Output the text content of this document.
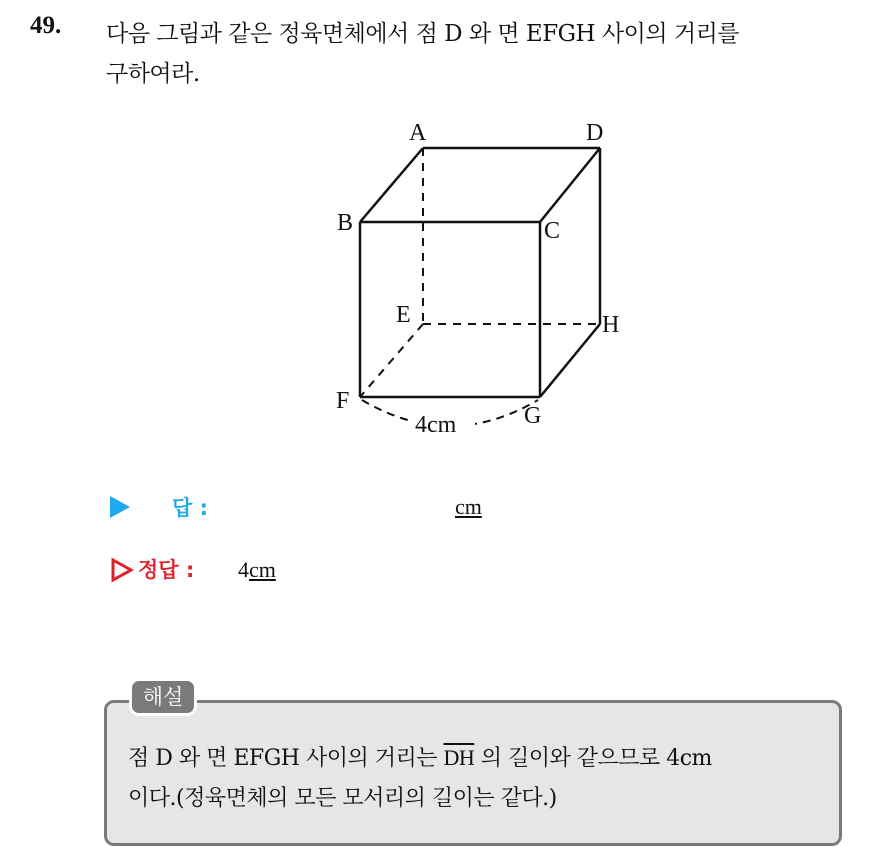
49. 다음 그림과 같은 정육면체에서 점 D 와 면 EFGH 사이의 거리를
구하여라.
4cm
A	D
B	C
E	H
F
G
답 :	cm
정답 : 4cm
해설
점 D 와 면 EFGH 사이의 거리는 $\overline{DH}$ 의 길이와 같으므로 4cm
이다.(정육면체의 모든 모서리의 길이는 같다.)
